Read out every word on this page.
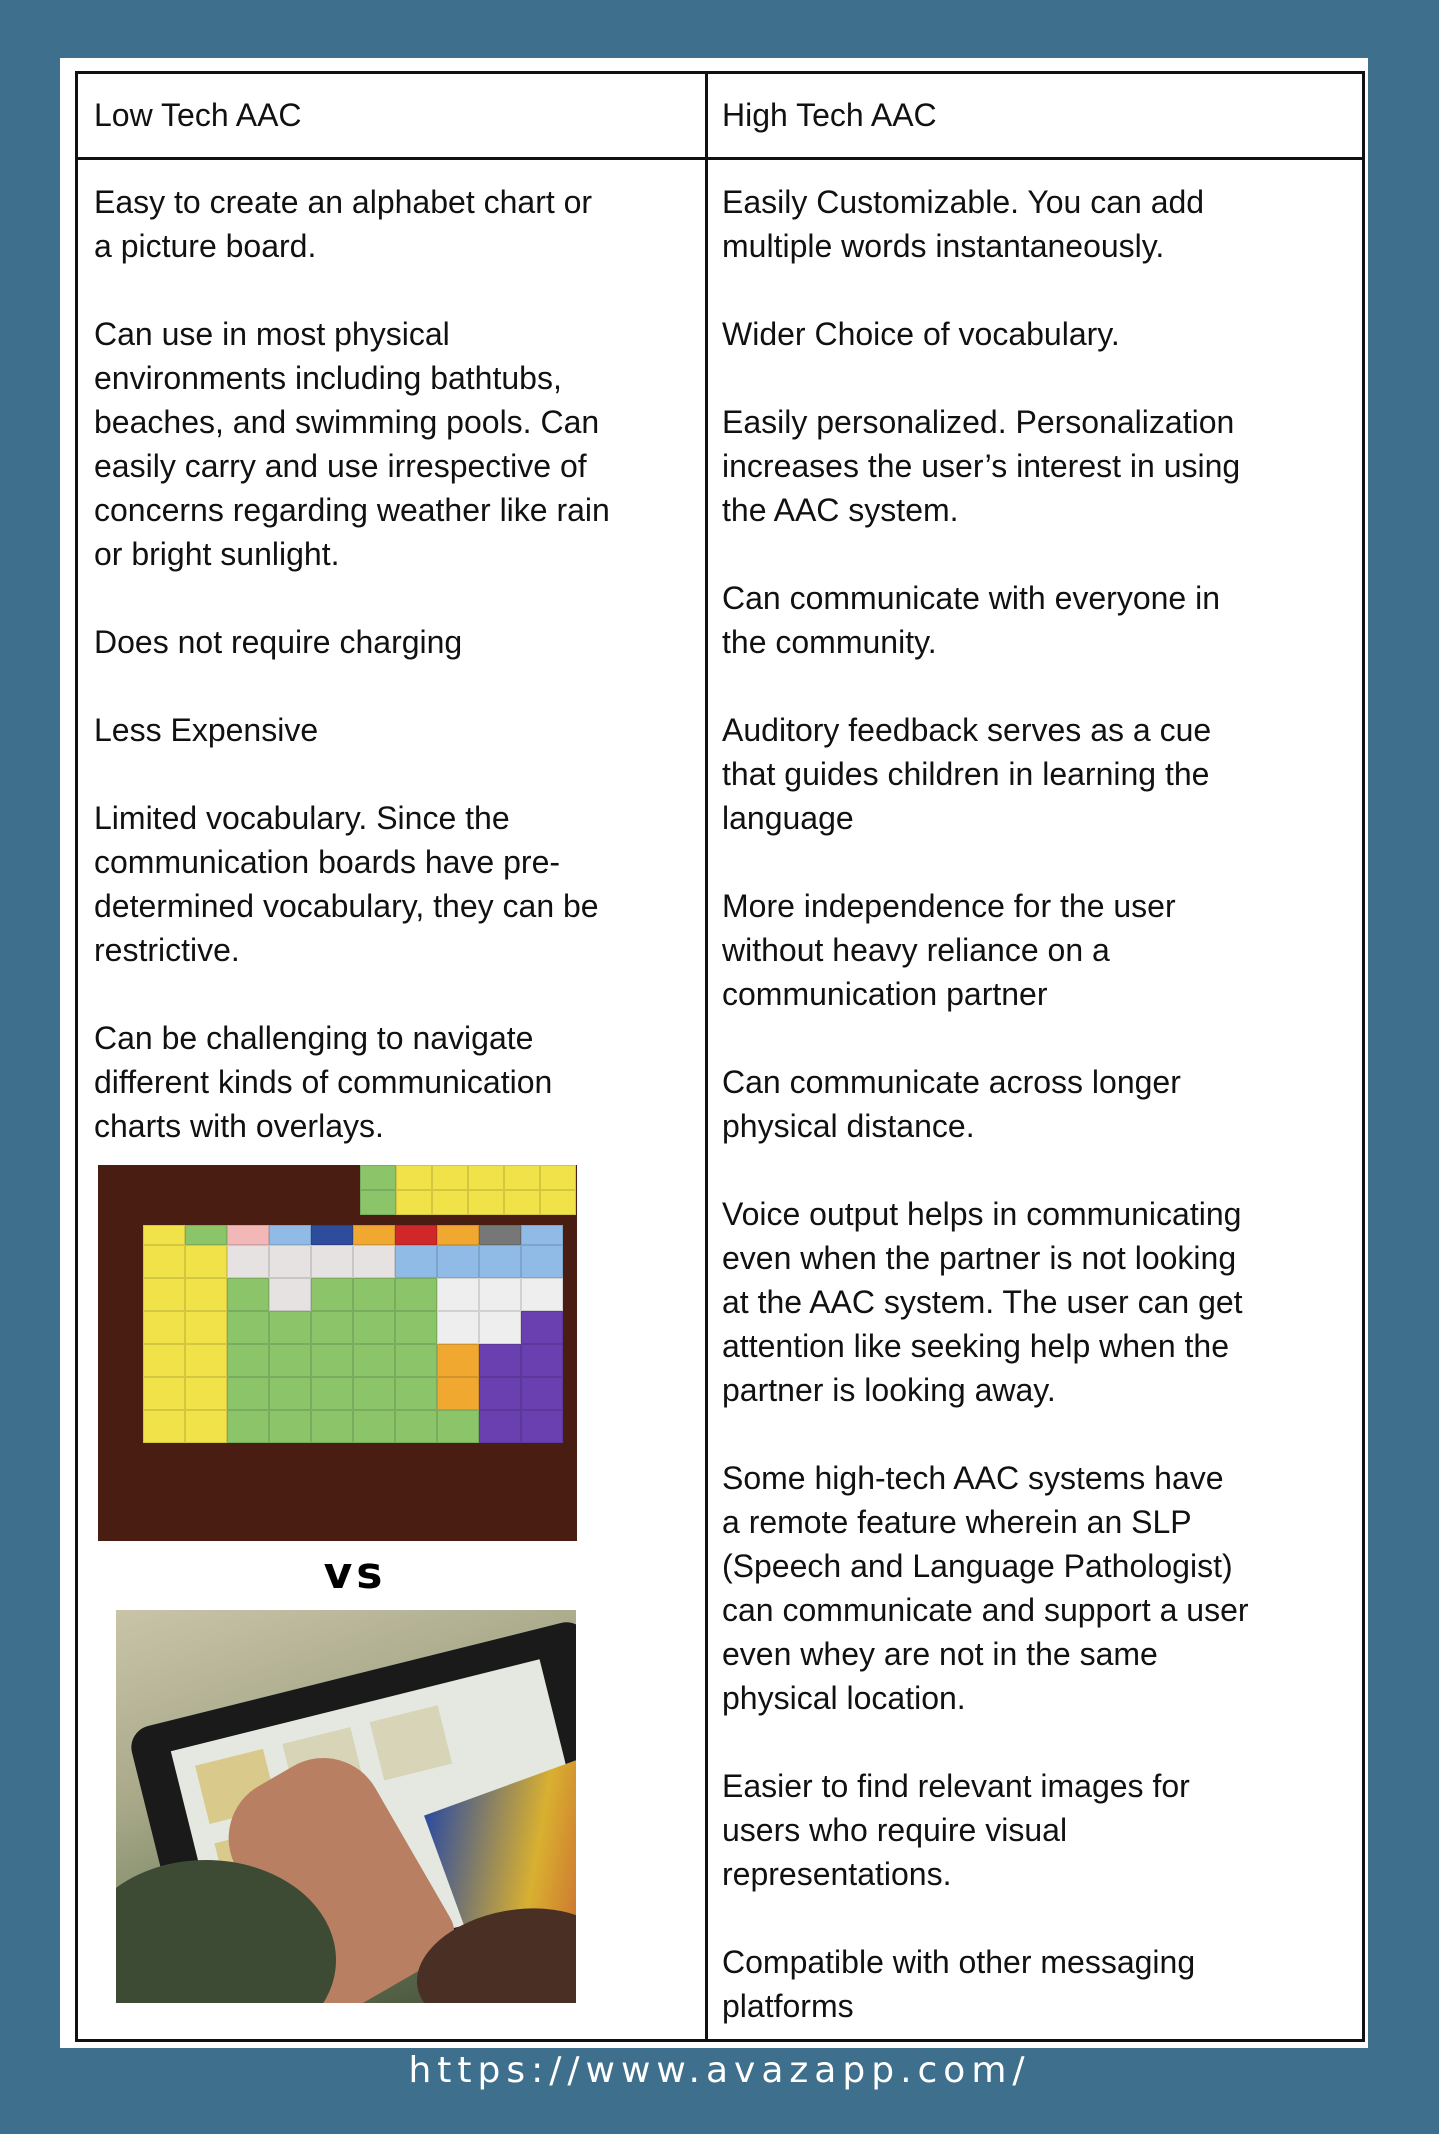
Low Tech AAC	High Tech AAC
Easy to create an alphabet chart or
a picture board.
Can use in most physical
environments including bathtubs,
beaches, and swimming pools. Can
easily carry and use irrespective of
concerns regarding weather like rain
or bright sunlight.
Does not require charging
Less Expensive
Limited vocabulary. Since the
communication boards have pre-
determined vocabulary, they can be
restrictive.
Can be challenging to navigate
different kinds of communication
charts with overlays.
Easily Customizable. You can add
multiple words instantaneously.
Wider Choice of vocabulary.
Easily personalized. Personalization
increases the user’s interest in using
the AAC system.
Can communicate with everyone in
the community.
Auditory feedback serves as a cue
that guides children in learning the
language
More independence for the user
without heavy reliance on a
communication partner
Can communicate across longer
physical distance.
Voice output helps in communicating
even when the partner is not looking
at the AAC system. The user can get
attention like seeking help when the
partner is looking away.
Some high-tech AAC systems have
a remote feature wherein an SLP
(Speech and Language Pathologist)
can communicate and support a user
even whey are not in the same
physical location.
Easier to find relevant images for
users who require visual
representations.
Compatible with other messaging
platforms
vs
https://www.avazapp.com/
